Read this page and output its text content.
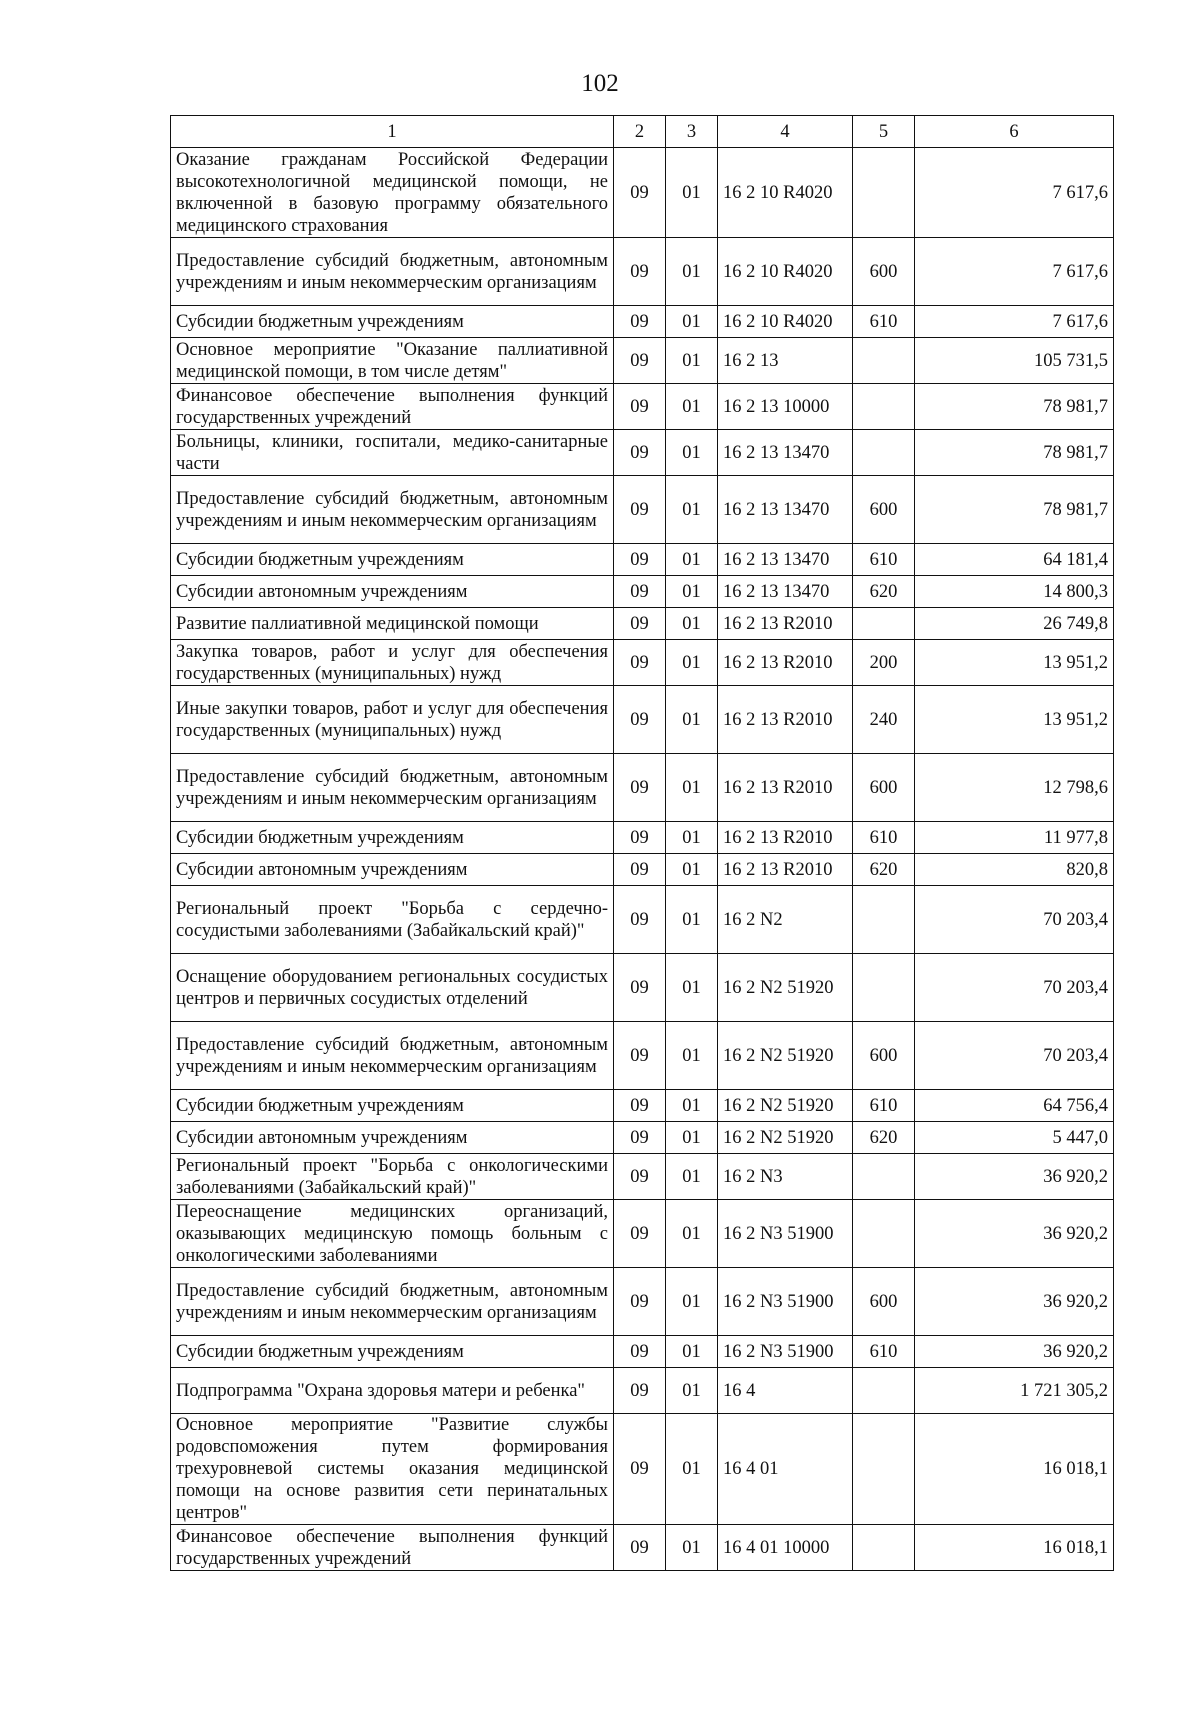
102
1	2	3	4	5	6
Оказание гражданам Российской Федерации высокотехнологичной медицинской помощи, не включенной в базовую программу обязательного медицинского страхования	09	01	16 2 10 R4020		7 617,6
Предоставление субсидий бюджетным, автономным учреждениям и иным некоммерческим организациям	09	01	16 2 10 R4020	600	7 617,6
Субсидии бюджетным учреждениям	09	01	16 2 10 R4020	610	7 617,6
Основное мероприятие "Оказание паллиативной медицинской помощи, в том числе детям"	09	01	16 2 13		105 731,5
Финансовое обеспечение выполнения функций государственных учреждений	09	01	16 2 13 10000		78 981,7
Больницы, клиники, госпитали, медико-санитарные части	09	01	16 2 13 13470		78 981,7
Предоставление субсидий бюджетным, автономным учреждениям и иным некоммерческим организациям	09	01	16 2 13 13470	600	78 981,7
Субсидии бюджетным учреждениям	09	01	16 2 13 13470	610	64 181,4
Субсидии автономным учреждениям	09	01	16 2 13 13470	620	14 800,3
Развитие паллиативной медицинской помощи	09	01	16 2 13 R2010		26 749,8
Закупка товаров, работ и услуг для обеспечения государственных (муниципальных) нужд	09	01	16 2 13 R2010	200	13 951,2
Иные закупки товаров, работ и услуг для обеспечения государственных (муниципальных) нужд	09	01	16 2 13 R2010	240	13 951,2
Предоставление субсидий бюджетным, автономным учреждениям и иным некоммерческим организациям	09	01	16 2 13 R2010	600	12 798,6
Субсидии бюджетным учреждениям	09	01	16 2 13 R2010	610	11 977,8
Субсидии автономным учреждениям	09	01	16 2 13 R2010	620	820,8
Региональный проект "Борьба с сердечно-сосудистыми заболеваниями (Забайкальский край)"	09	01	16 2 N2		70 203,4
Оснащение оборудованием региональных сосудистых центров и первичных сосудистых отделений	09	01	16 2 N2 51920		70 203,4
Предоставление субсидий бюджетным, автономным учреждениям и иным некоммерческим организациям	09	01	16 2 N2 51920	600	70 203,4
Субсидии бюджетным учреждениям	09	01	16 2 N2 51920	610	64 756,4
Субсидии автономным учреждениям	09	01	16 2 N2 51920	620	5 447,0
Региональный проект "Борьба с онкологическими заболеваниями (Забайкальский край)"	09	01	16 2 N3		36 920,2
Переоснащение медицинских организаций, оказывающих медицинскую помощь больным с онкологическими заболеваниями	09	01	16 2 N3 51900		36 920,2
Предоставление субсидий бюджетным, автономным учреждениям и иным некоммерческим организациям	09	01	16 2 N3 51900	600	36 920,2
Субсидии бюджетным учреждениям	09	01	16 2 N3 51900	610	36 920,2
Подпрограмма "Охрана здоровья матери и ребенка"	09	01	16 4		1 721 305,2
Основное мероприятие "Развитие службы родовспоможения путем формирования трехуровневой системы оказания медицинской помощи на основе развития сети перинатальных центров"	09	01	16 4 01		16 018,1
Финансовое обеспечение выполнения функций государственных учреждений	09	01	16 4 01 10000		16 018,1
